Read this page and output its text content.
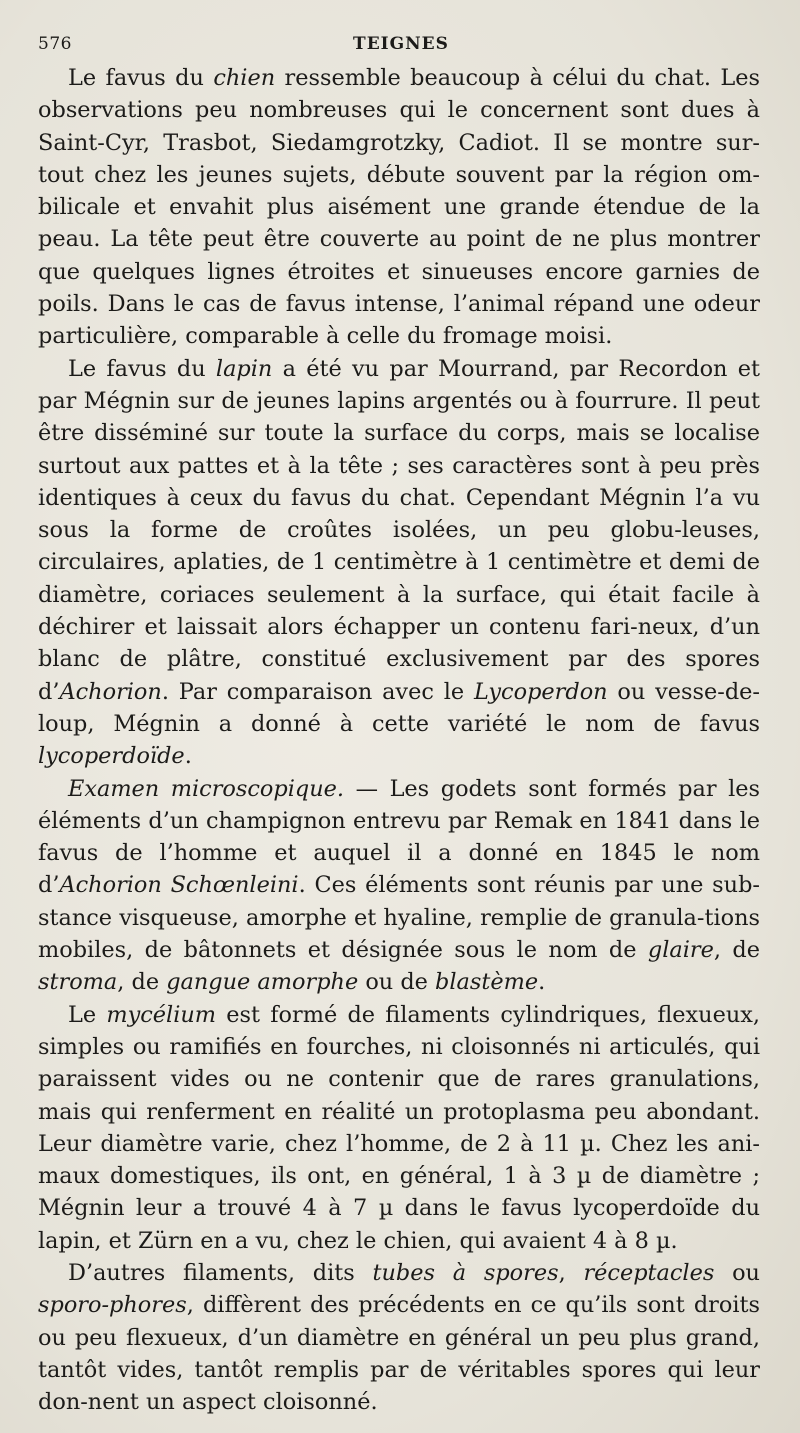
576	TEIGNES

Le favus du chien ressemble beaucoup à célui du chat. Les observations peu nombreuses qui le concernent sont dues à Saint-Cyr, Trasbot, Siedamgrotzky, Cadiot. Il se montre sur-tout chez les jeunes sujets, débute souvent par la région om-bilicale et envahit plus aisément une grande étendue de la peau. La tête peut être couverte au point de ne plus montrer que quelques lignes étroites et sinueuses encore garnies de poils. Dans le cas de favus intense, l’animal répand une odeur particulière, comparable à celle du fromage moisi.

Le favus du lapin a été vu par Mourrand, par Recordon et par Mégnin sur de jeunes lapins argentés ou à fourrure. Il peut être disséminé sur toute la surface du corps, mais se localise surtout aux pattes et à la tête ; ses caractères sont à peu près identiques à ceux du favus du chat. Cependant Mégnin l’a vu sous la forme de croûtes isolées, un peu globu-leuses, circulaires, aplaties, de 1 centimètre à 1 centimètre et demi de diamètre, coriaces seulement à la surface, qui était facile à déchirer et laissait alors échapper un contenu fari-neux, d’un blanc de plâtre, constitué exclusivement par des spores d’Achorion. Par comparaison avec le Lycoperdon ou vesse-de-loup, Mégnin a donné à cette variété le nom de favus lycoperdoïde.

Examen microscopique. — Les godets sont formés par les éléments d’un champignon entrevu par Remak en 1841 dans le favus de l’homme et auquel il a donné en 1845 le nom d’Achorion Schœnleini. Ces éléments sont réunis par une sub-stance visqueuse, amorphe et hyaline, remplie de granula-tions mobiles, de bâtonnets et désignée sous le nom de glaire, de stroma, de gangue amorphe ou de blastème.

Le mycélium est formé de filaments cylindriques, flexueux, simples ou ramifiés en fourches, ni cloisonnés ni articulés, qui paraissent vides ou ne contenir que de rares granulations, mais qui renferment en réalité un protoplasma peu abondant. Leur diamètre varie, chez l’homme, de 2 à 11 µ. Chez les ani-maux domestiques, ils ont, en général, 1 à 3 µ de diamètre ; Mégnin leur a trouvé 4 à 7 µ dans le favus lycoperdoïde du lapin, et Zürn en a vu, chez le chien, qui avaient 4 à 8 µ.

D’autres filaments, dits tubes à spores, réceptacles ou sporo-phores, diffèrent des précédents en ce qu’ils sont droits ou peu flexueux, d’un diamètre en général un peu plus grand, tantôt vides, tantôt remplis par de véritables spores qui leur don-nent un aspect cloisonné.
